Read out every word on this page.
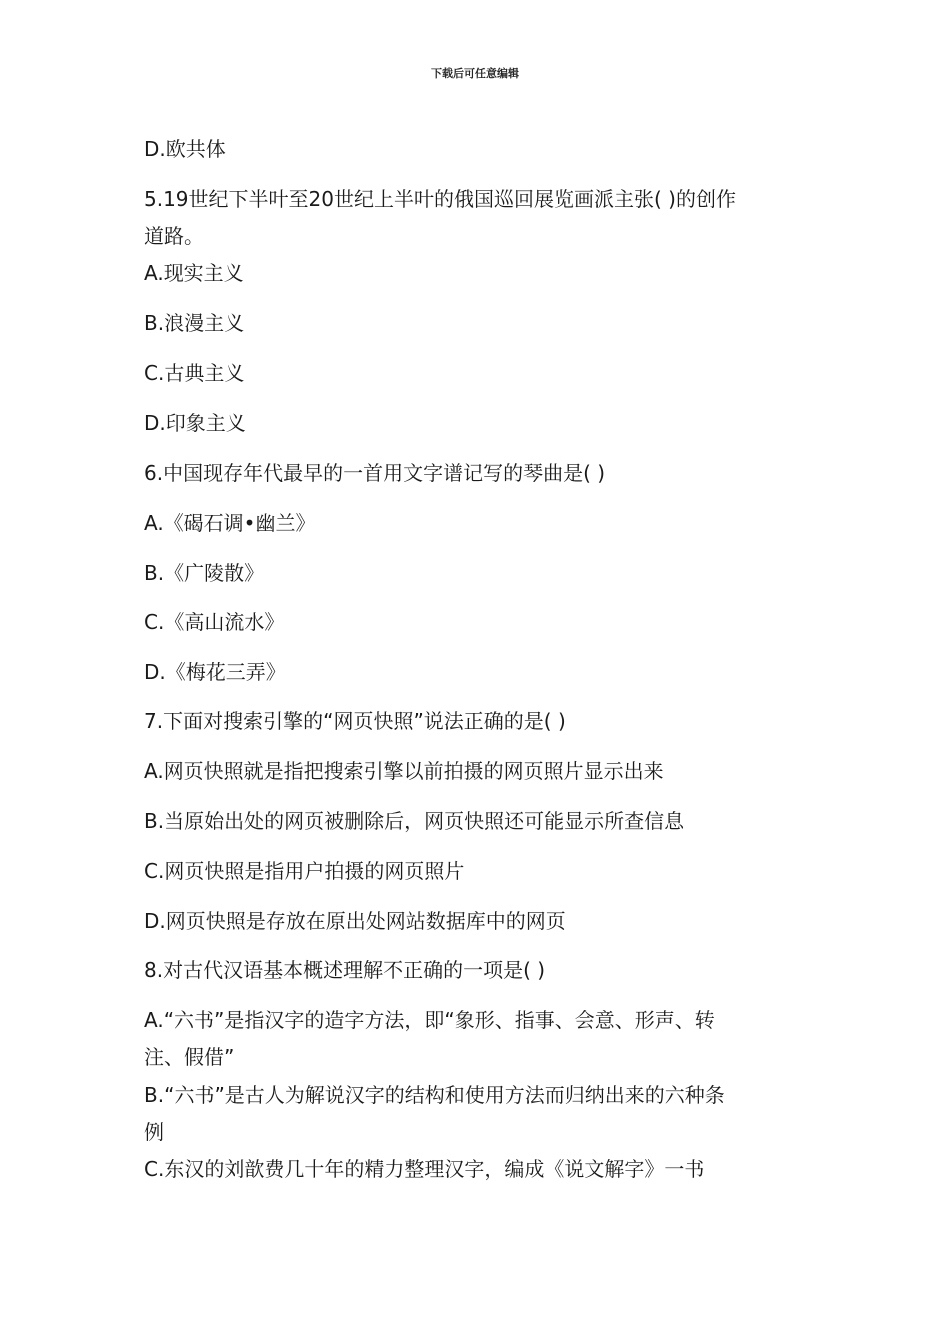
下载后可任意编辑
D.欧共体
5.19世纪下半叶至20世纪上半叶的俄国巡回展览画派主张( )的创作
道路。
A.现实主义
B.浪漫主义
C.古典主义
D.印象主义
6.中国现存年代最早的一首用文字谱记写的琴曲是( )
A.《碣石调•幽兰》
B.《广陵散》
C.《高山流水》
D.《梅花三弄》
7.下面对搜索引擎的“网页快照”说法正确的是( )
A.网页快照就是指把搜索引擎以前拍摄的网页照片显示出来
B.当原始出处的网页被删除后，网页快照还可能显示所查信息
C.网页快照是指用户拍摄的网页照片
D.网页快照是存放在原出处网站数据库中的网页
8.对古代汉语基本概述理解不正确的一项是( )
A.“六书”是指汉字的造字方法，即“象形、指事、会意、形声、转
注、假借”
B.“六书”是古人为解说汉字的结构和使用方法而归纳出来的六种条
例
C.东汉的刘歆费几十年的精力整理汉字，编成《说文解字》一书
